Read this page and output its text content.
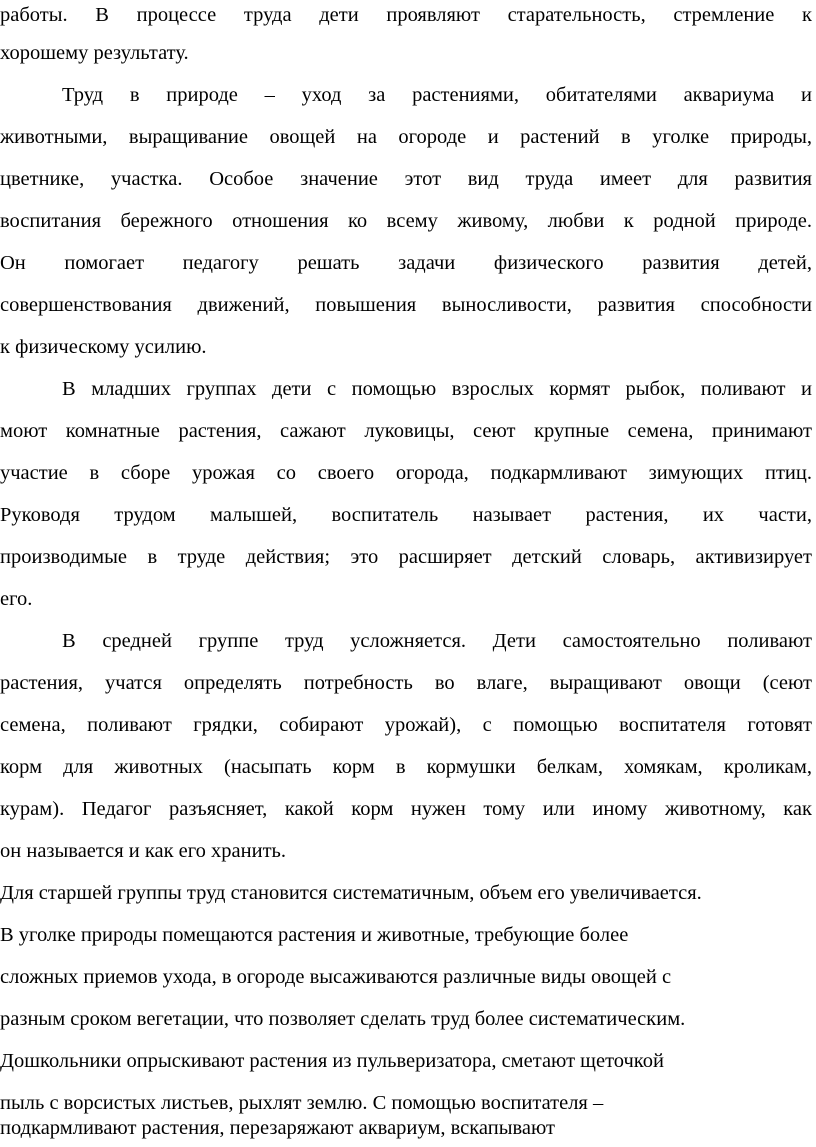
работы. В процессе труда дети проявляют старательность, стремление к
хорошему результату.
Труд в природе – уход за растениями, обитателями аквариума и
животными, выращивание овощей на огороде и растений в уголке природы,
цветнике, участка. Особое значение этот вид труда имеет для развития
воспитания бережного отношения ко всему живому, любви к родной природе.
Он помогает педагогу решать задачи физического развития детей,
совершенствования движений, повышения выносливости, развития способности
к физическому усилию.
В младших группах дети с помощью взрослых кормят рыбок, поливают и
моют комнатные растения, сажают луковицы, сеют крупные семена, принимают
участие в сборе урожая со своего огорода, подкармливают зимующих птиц.
Руководя трудом малышей, воспитатель называет растения, их части,
производимые в труде действия; это расширяет детский словарь, активизирует
его.
В средней группе труд усложняется. Дети самостоятельно поливают
растения, учатся определять потребность во влаге, выращивают овощи (сеют
семена, поливают грядки, собирают урожай), с помощью воспитателя готовят
корм для животных (насыпать корм в кормушки белкам, хомякам, кроликам,
курам). Педагог разъясняет, какой корм нужен тому или иному животному, как
он называется и как его хранить.
Для старшей группы труд становится систематичным, объем его увеличивается.
В уголке природы помещаются растения и животные, требующие более
сложных приемов ухода, в огороде высаживаются различные виды овощей с
разным сроком вегетации, что позволяет сделать труд более систематическим.
Дошкольники опрыскивают растения из пульверизатора, сметают щеточкой
пыль с ворсистых листьев, рыхлят землю. С помощью воспитателя –
подкармливают растения, перезаряжают аквариум, вскапывают
